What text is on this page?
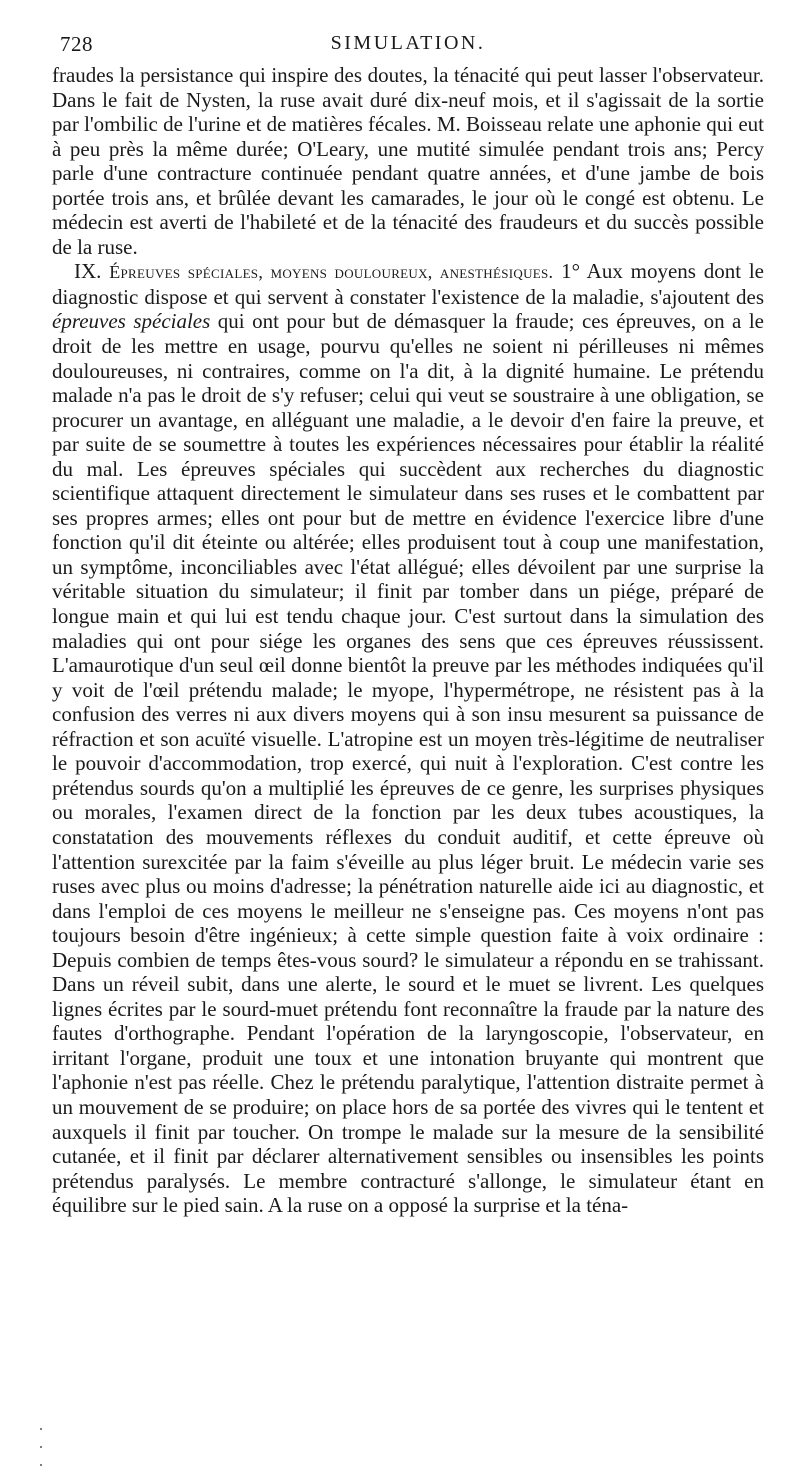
728	SIMULATION.

fraudes la persistance qui inspire des doutes, la ténacité qui peut lasser l'observateur. Dans le fait de Nysten, la ruse avait duré dix-neuf mois, et il s'agissait de la sortie par l'ombilic de l'urine et de matières fécales. M. Boisseau relate une aphonie qui eut à peu près la même durée; O'Leary, une mutité simulée pendant trois ans; Percy parle d'une contracture continuée pendant quatre années, et d'une jambe de bois portée trois ans, et brûlée devant les camarades, le jour où le congé est obtenu. Le médecin est averti de l'habileté et de la ténacité des fraudeurs et du succès possible de la ruse.

IX. Épreuves spéciales, moyens douloureux, anesthésiques. 1° Aux moyens dont le diagnostic dispose et qui servent à constater l'existence de la maladie, s'ajoutent des épreuves spéciales qui ont pour but de démasquer la fraude; ces épreuves, on a le droit de les mettre en usage, pourvu qu'elles ne soient ni périlleuses ni mêmes douloureuses, ni contraires, comme on l'a dit, à la dignité humaine. Le prétendu malade n'a pas le droit de s'y refuser; celui qui veut se soustraire à une obligation, se procurer un avantage, en alléguant une maladie, a le devoir d'en faire la preuve, et par suite de se soumettre à toutes les expériences nécessaires pour établir la réalité du mal. Les épreuves spéciales qui succèdent aux recherches du diagnostic scientifique attaquent directement le simulateur dans ses ruses et le combattent par ses propres armes; elles ont pour but de mettre en évidence l'exercice libre d'une fonction qu'il dit éteinte ou altérée; elles produisent tout à coup une manifestation, un symptôme, inconciliables avec l'état allégué; elles dévoilent par une surprise la véritable situation du simulateur; il finit par tomber dans un piége, préparé de longue main et qui lui est tendu chaque jour. C'est surtout dans la simulation des maladies qui ont pour siége les organes des sens que ces épreuves réussissent. L'amaurotique d'un seul œil donne bientôt la preuve par les méthodes indiquées qu'il y voit de l'œil prétendu malade; le myope, l'hypermétrope, ne résistent pas à la confusion des verres ni aux divers moyens qui à son insu mesurent sa puissance de réfraction et son acuïté visuelle. L'atropine est un moyen très-légitime de neutraliser le pouvoir d'accommodation, trop exercé, qui nuit à l'exploration. C'est contre les prétendus sourds qu'on a multiplié les épreuves de ce genre, les surprises physiques ou morales, l'examen direct de la fonction par les deux tubes acoustiques, la constatation des mouvements réflexes du conduit auditif, et cette épreuve où l'attention surexcitée par la faim s'éveille au plus léger bruit. Le médecin varie ses ruses avec plus ou moins d'adresse; la pénétration naturelle aide ici au diagnostic, et dans l'emploi de ces moyens le meilleur ne s'enseigne pas. Ces moyens n'ont pas toujours besoin d'être ingénieux; à cette simple question faite à voix ordinaire : Depuis combien de temps êtes-vous sourd? le simulateur a répondu en se trahissant. Dans un réveil subit, dans une alerte, le sourd et le muet se livrent. Les quelques lignes écrites par le sourd-muet prétendu font reconnaître la fraude par la nature des fautes d'orthographe. Pendant l'opération de la laryngoscopie, l'observateur, en irritant l'organe, produit une toux et une intonation bruyante qui montrent que l'aphonie n'est pas réelle. Chez le prétendu paralytique, l'attention distraite permet à un mouvement de se produire; on place hors de sa portée des vivres qui le tentent et auxquels il finit par toucher. On trompe le malade sur la mesure de la sensibilité cutanée, et il finit par déclarer alternativement sensibles ou insensibles les points prétendus paralysés. Le membre contracturé s'allonge, le simulateur étant en équilibre sur le pied sain. A la ruse on a opposé la surprise et la téna-
